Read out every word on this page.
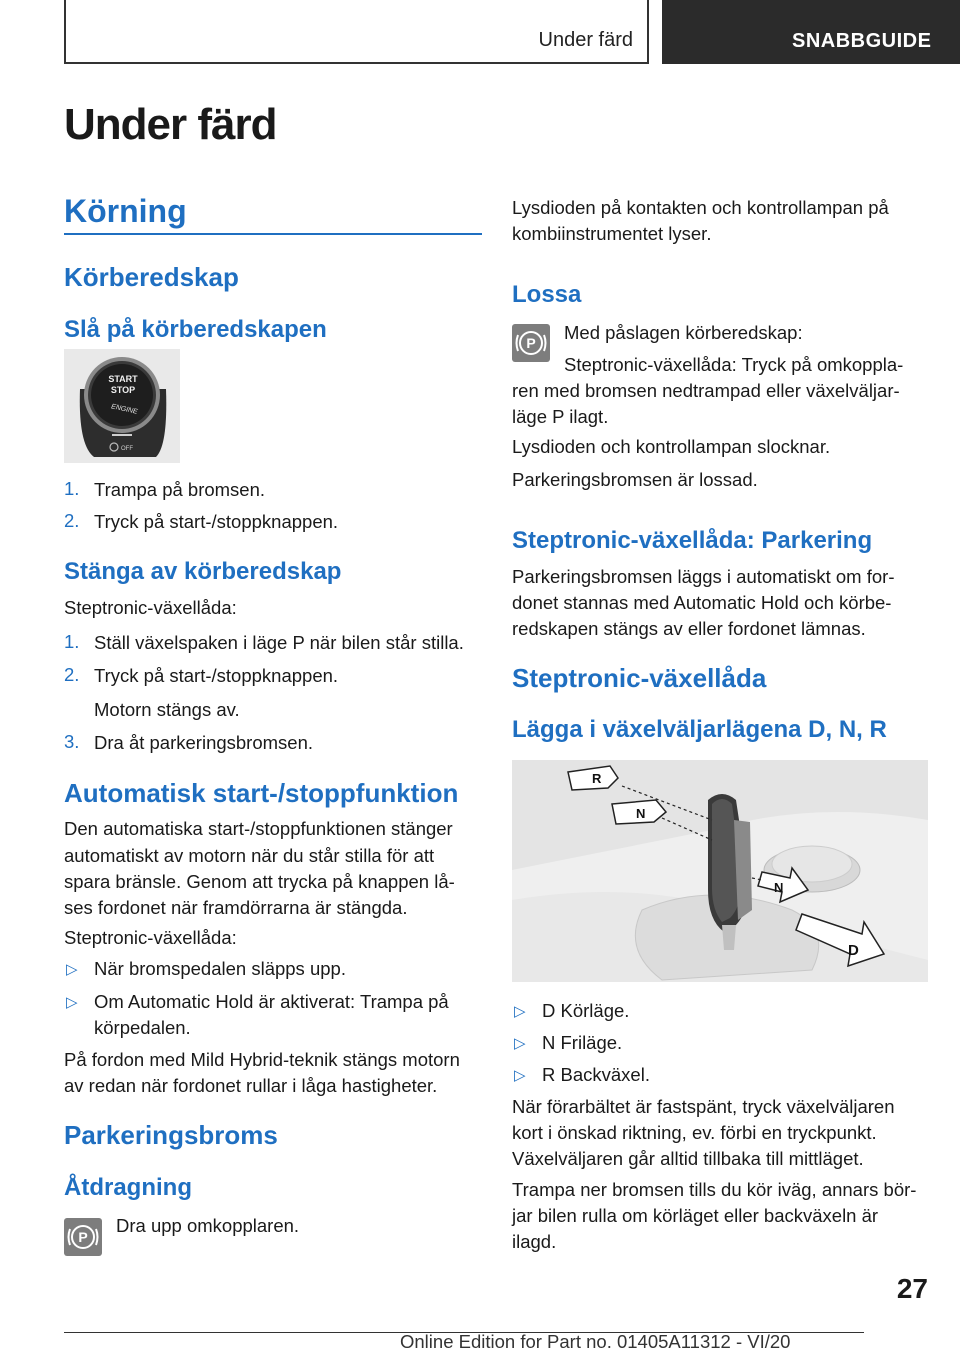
Under färd	SNABBGUIDE
Under färd
Körning
Körberedskap
Slå på körberedskapen
START
STOP
ENGINE
OFF
1. Trampa på bromsen.
2. Tryck på start-/stoppknappen.
Stänga av körberedskap
Steptronic-växellåda:
1. Ställ växelspaken i läge P när bilen står stilla.
2. Tryck på start-/stoppknappen.
Motorn stängs av.
3. Dra åt parkeringsbromsen.
Automatisk start-/stoppfunktion
Den automatiska start-/stoppfunktionen stänger
automatiskt av motorn när du står stilla för att
spara bränsle. Genom att trycka på knappen lå-
ses fordonet när framdörrarna är stängda.
Steptronic-växellåda:
▷ När bromspedalen släpps upp.
▷ Om Automatic Hold är aktiverat: Trampa på
körpedalen.
På fordon med Mild Hybrid-teknik stängs motorn
av redan när fordonet rullar i låga hastigheter.
Parkeringsbroms
Åtdragning
P
Dra upp omkopplaren.
Lysdioden på kontakten och kontrollampan på
kombiinstrumentet lyser.
Lossa
P Med påslagen körberedskap:
Steptronic-växellåda: Tryck på omkoppla-
ren med bromsen nedtrampad eller växelväljar-
läge P ilagt.
Lysdioden och kontrollampan slocknar.
Parkeringsbromsen är lossad.
Steptronic-växellåda: Parkering
Parkeringsbromsen läggs i automatiskt om for-
donet stannas med Automatic Hold och körbe-
redskapen stängs av eller fordonet lämnas.
Steptronic-växellåda
Lägga i växelväljarlägena D, N, R
R
N
N
D
▷ D Körläge.
▷ N Friläge.
▷ R Backväxel.
När förarbältet är fastspänt, tryck växelväljaren
kort i önskad riktning, ev. förbi en tryckpunkt.
Växelväljaren går alltid tillbaka till mittläget.
Trampa ner bromsen tills du kör iväg, annars bör-
jar bilen rulla om körläget eller backväxeln är
ilagd.
27
Online Edition for Part no. 01405A11312 - VI/20
